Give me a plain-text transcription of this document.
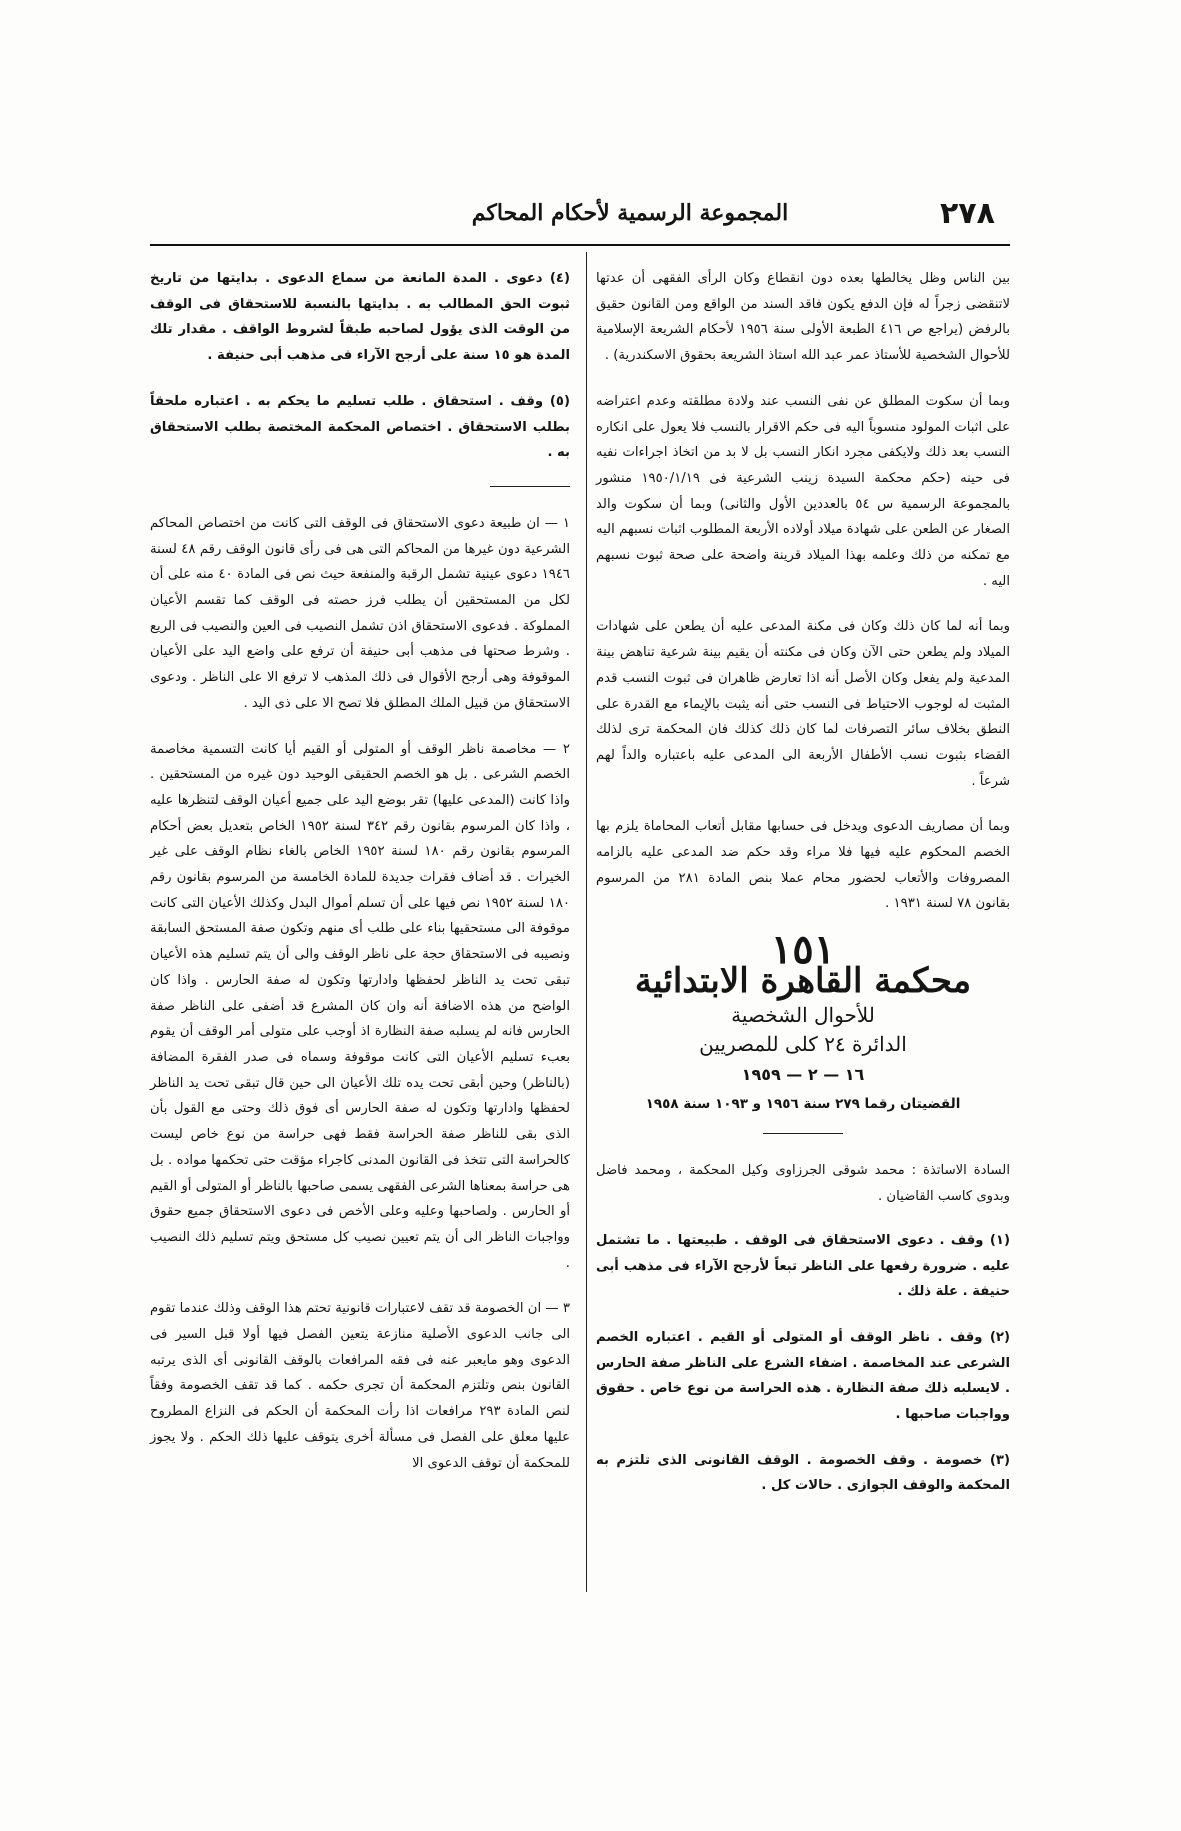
٢٧٨
المجموعة الرسمية لأحكام المحاكم

بين الناس وظل يخالطها بعده دون انقطاع وكان الرأى الفقهى أن عدتها لاتنقضى زجراً له فإن الدفع يكون فاقد السند من الواقع ومن القانون حقيق بالرفض (يراجع ص ٤١٦ الطبعة الأولى سنة ١٩٥٦ لأحكام الشريعة الإسلامية للأحوال الشخصية للأستاذ عمر عبد الله استاذ الشريعة بحقوق الاسكندرية) .

وبما أن سكوت المطلق عن نفى النسب عند ولادة مطلقته وعدم اعتراضه على اثبات المولود منسوباً اليه فى حكم الاقرار بالنسب فلا يعول على انكاره النسب بعد ذلك ولايكفى مجرد انكار النسب بل لا بد من اتخاذ اجراءات نفيه فى حينه (حكم محكمة السيدة زينب الشرعية فى ١٩٥٠/١/١٩ منشور بالمجموعة الرسمية س ٥٤ بالعددين الأول والثانى) وبما أن سكوت والد الصغار عن الطعن على شهادة ميلاد أولاده الأربعة المطلوب اثبات نسبهم اليه مع تمكنه من ذلك وعلمه بهذا الميلاد قرينة واضحة على صحة ثبوت نسبهم اليه .

وبما أنه لما كان ذلك وكان فى مكنة المدعى عليه أن يطعن على شهادات الميلاد ولم يطعن حتى الآن وكان فى مكنته أن يقيم بينة شرعية تناهض بينة المدعية ولم يفعل وكان الأصل أنه اذا تعارض ظاهران فى ثبوت النسب قدم المثبت له لوجوب الاحتياط فى النسب حتى أنه يثبت بالإيماء مع القدرة على النطق بخلاف سائر التصرفات لما كان ذلك كذلك فان المحكمة ترى لذلك القضاء بثبوت نسب الأطفال الأربعة الى المدعى عليه باعتباره والداً لهم شرعاً .

وبما أن مصاريف الدعوى ويدخل فى حسابها مقابل أتعاب المحاماة يلزم بها الخصم المحكوم عليه فيها فلا مراء وقد حكم ضد المدعى عليه بالزامه المصروفات والأتعاب لحضور محام عملا بنص المادة ٢٨١ من المرسوم بقانون ٧٨ لسنة ١٩٣١ .

١٥١
محكمة القاهرة الابتدائية
للأحوال الشخصية
الدائرة ٢٤ كلى للمصريين
١٦ — ٢ — ١٩٥٩
القضيتان رقما ٢٧٩ سنة ١٩٥٦ و ١٠٩٣ سنة ١٩٥٨

السادة الاساتذة : محمد شوقى الجرزاوى وكيل المحكمة ، ومحمد فاضل وبدوى كاسب القاضيان .

(١) وقف . دعوى الاستحقاق فى الوقف . طبيعتها . ما تشتمل عليه . ضرورة رفعها على الناظر تبعاً لأرجح الآراء فى مذهب أبى حنيفة . علة ذلك .

(٢) وقف . ناظر الوقف أو المتولى أو القيم . اعتباره الخصم الشرعى عند المخاصمة . اضفاء الشرع على الناظر صفة الحارس . لايسلبه ذلك صفة النظارة . هذه الحراسة من نوع خاص . حقوق وواجبات صاحبها .

(٣) خصومة . وقف الخصومة . الوقف القانونى الذى تلتزم به المحكمة والوقف الجوازى . حالات كل .

(٤) دعوى . المدة المانعة من سماع الدعوى . بدايتها من تاريخ ثبوت الحق المطالب به . بدايتها بالنسبة للاستحقاق فى الوقف من الوقت الذى يؤول لصاحبه طبقاً لشروط الواقف . مقدار تلك المدة هو ١٥ سنة على أرجح الآراء فى مذهب أبى حنيفة .

(٥) وقف . استحقاق . طلب تسليم ما يحكم به . اعتباره ملحقاً بطلب الاستحقاق . اختصاص المحكمة المختصة بطلب الاستحقاق به .

١ — ان طبيعة دعوى الاستحقاق فى الوقف التى كانت من اختصاص المحاكم الشرعية دون غيرها من المحاكم التى هى فى رأى قانون الوقف رقم ٤٨ لسنة ١٩٤٦ دعوى عينية تشمل الرقبة والمنفعة حيث نص فى المادة ٤٠ منه على أن لكل من المستحقين أن يطلب فرز حصته فى الوقف كما تقسم الأعيان المملوكة . فدعوى الاستحقاق اذن تشمل النصيب فى العين والنصيب فى الريع . وشرط صحتها فى مذهب أبى حنيفة أن ترفع على واضع اليد على الأعيان الموقوفة وهى أرجح الأقوال فى ذلك المذهب لا ترفع الا على الناظر . ودعوى الاستحقاق من قبيل الملك المطلق فلا تصح الا على ذى اليد .

٢ — مخاصمة ناظر الوقف أو المتولى أو القيم أيا كانت التسمية مخاصمة الخصم الشرعى . بل هو الخصم الحقيقى الوحيد دون غيره من المستحقين . واذا كانت (المدعى عليها) تقر بوضع اليد على جميع أعيان الوقف لتنظرها عليه ، واذا كان المرسوم بقانون رقم ٣٤٢ لسنة ١٩٥٢ الخاص بتعديل بعض أحكام المرسوم بقانون رقم ١٨٠ لسنة ١٩٥٢ الخاص بالغاء نظام الوقف على غير الخيرات . قد أضاف فقرات جديدة للمادة الخامسة من المرسوم بقانون رقم ١٨٠ لسنة ١٩٥٢ نص فيها على أن تسلم أموال البدل وكذلك الأعيان التى كانت موقوفة الى مستحقيها بناء على طلب أى منهم وتكون صفة المستحق السابقة ونصيبه فى الاستحقاق حجة على ناظر الوقف والى أن يتم تسليم هذه الأعيان تبقى تحت يد الناظر لحفظها وادارتها وتكون له صفة الحارس . واذا كان الواضح من هذه الاضافة أنه وان كان المشرع قد أضفى على الناظر صفة الحارس فانه لم يسلبه صفة النظارة اذ أوجب على متولى أمر الوقف أن يقوم بعبء تسليم الأعيان التى كانت موقوفة وسماه فى صدر الفقرة المضافة (بالناظر) وحين أبقى تحت يده تلك الأعيان الى حين قال تبقى تحت يد الناظر لحفظها وادارتها وتكون له صفة الحارس أى فوق ذلك وحتى مع القول بأن الذى بقى للناظر صفة الحراسة فقط فهى حراسة من نوع خاص ليست كالحراسة التى تتخذ فى القانون المدنى كاجراء مؤقت حتى تحكمها مواده . بل هى حراسة بمعناها الشرعى الفقهى يسمى صاحبها بالناظر أو المتولى أو القيم أو الحارس . ولصاحبها وعليه وعلى الأخص فى دعوى الاستحقاق جميع حقوق وواجبات الناظر الى أن يتم تعيين نصيب كل مستحق ويتم تسليم ذلك النصيب .

٣ — ان الخصومة قد تقف لاعتبارات قانونية تحتم هذا الوقف وذلك عندما تقوم الى جانب الدعوى الأصلية منازعة يتعين الفصل فيها أولا قبل السير فى الدعوى وهو مايعبر عنه فى فقه المرافعات بالوقف القانونى أى الذى يرتبه القانون بنص وتلتزم المحكمة أن تجرى حكمه . كما قد تقف الخصومة وفقاً لنص المادة ٢٩٣ مرافعات اذا رأت المحكمة أن الحكم فى النزاع المطروح عليها معلق على الفصل فى مسألة أخرى يتوقف عليها ذلك الحكم . ولا يجوز للمحكمة أن توقف الدعوى الا
